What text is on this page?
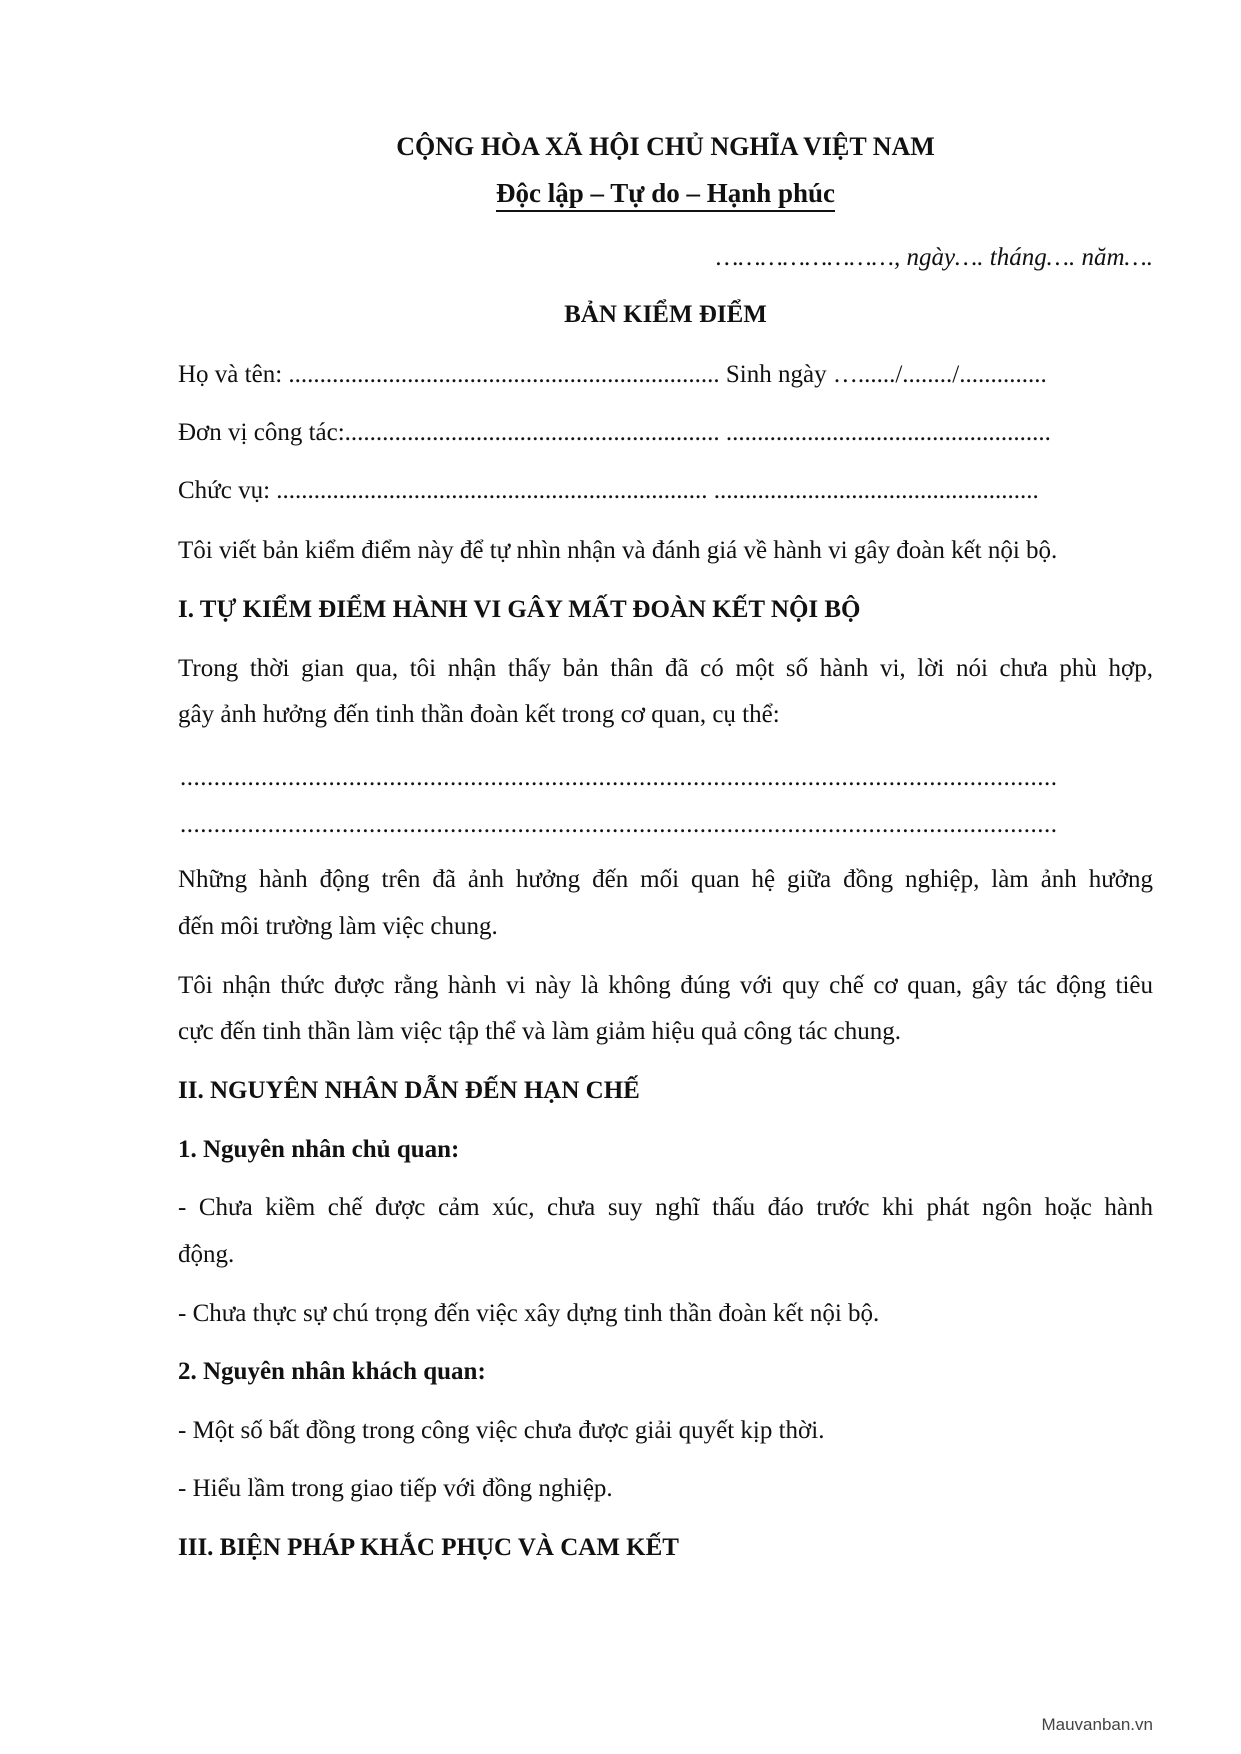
CỘNG HÒA XÃ HỘI CHỦ NGHĨA VIỆT NAM
Độc lập – Tự do – Hạnh phúc
……………………, ngày…. tháng…. năm….
BẢN KIỂM ĐIỂM
Họ và tên: ..................................................................... Sinh ngày …....../......../..............
Đơn vị công tác:............................................................ ....................................................
Chức vụ: ..................................................................... ....................................................
Tôi viết bản kiểm điểm này để tự nhìn nhận và đánh giá về hành vi gây đoàn kết nội bộ.
I. TỰ KIỂM ĐIỂM HÀNH VI GÂY MẤT ĐOÀN KẾT NỘI BỘ
Trong thời gian qua, tôi nhận thấy bản thân đã có một số hành vi, lời nói chưa phù hợp,
gây ảnh hưởng đến tinh thần đoàn kết trong cơ quan, cụ thể:
..................................................................................................................................
..................................................................................................................................
Những hành động trên đã ảnh hưởng đến mối quan hệ giữa đồng nghiệp, làm ảnh hưởng
đến môi trường làm việc chung.
Tôi nhận thức được rằng hành vi này là không đúng với quy chế cơ quan, gây tác động tiêu
cực đến tinh thần làm việc tập thể và làm giảm hiệu quả công tác chung.
II. NGUYÊN NHÂN DẪN ĐẾN HẠN CHẾ
1. Nguyên nhân chủ quan:
- Chưa kiềm chế được cảm xúc, chưa suy nghĩ thấu đáo trước khi phát ngôn hoặc hành
động.
- Chưa thực sự chú trọng đến việc xây dựng tinh thần đoàn kết nội bộ.
2. Nguyên nhân khách quan:
- Một số bất đồng trong công việc chưa được giải quyết kịp thời.
- Hiểu lầm trong giao tiếp với đồng nghiệp.
III. BIỆN PHÁP KHẮC PHỤC VÀ CAM KẾT
Mauvanban.vn
